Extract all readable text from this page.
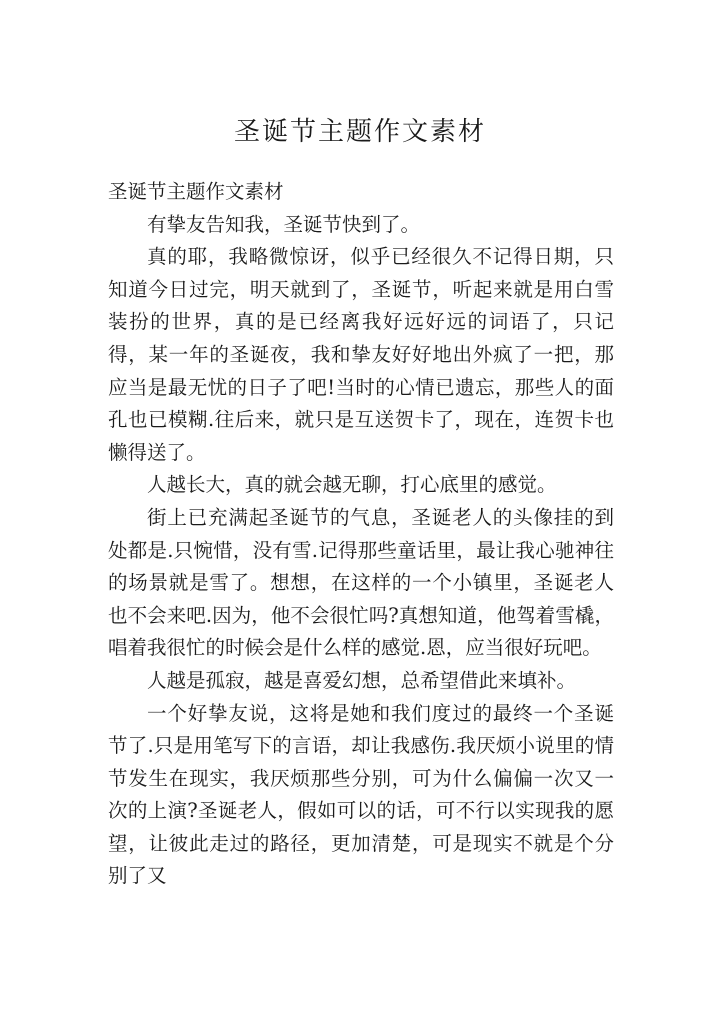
圣诞节主题作文素材

圣诞节主题作文素材

有挚友告知我，圣诞节快到了。

真的耶，我略微惊讶，似乎已经很久不记得日期，只知道今日过完，明天就到了，圣诞节，听起来就是用白雪装扮的世界，真的是已经离我好远好远的词语了，只记得，某一年的圣诞夜，我和挚友好好地出外疯了一把，那应当是最无忧的日子了吧!当时的心情已遗忘，那些人的面孔也已模糊.往后来，就只是互送贺卡了，现在，连贺卡也懒得送了。

人越长大，真的就会越无聊，打心底里的感觉。

街上已充满起圣诞节的气息，圣诞老人的头像挂的到处都是.只惋惜，没有雪.记得那些童话里，最让我心驰神往的场景就是雪了。想想，在这样的一个小镇里，圣诞老人也不会来吧.因为，他不会很忙吗?真想知道，他驾着雪橇，唱着我很忙的时候会是什么样的感觉.恩，应当很好玩吧。

人越是孤寂，越是喜爱幻想，总希望借此来填补。

一个好挚友说，这将是她和我们度过的最终一个圣诞节了.只是用笔写下的言语，却让我感伤.我厌烦小说里的情节发生在现实，我厌烦那些分别，可为什么偏偏一次又一次的上演?圣诞老人，假如可以的话，可不行以实现我的愿望，让彼此走过的路径，更加清楚，可是现实不就是个分别了又
